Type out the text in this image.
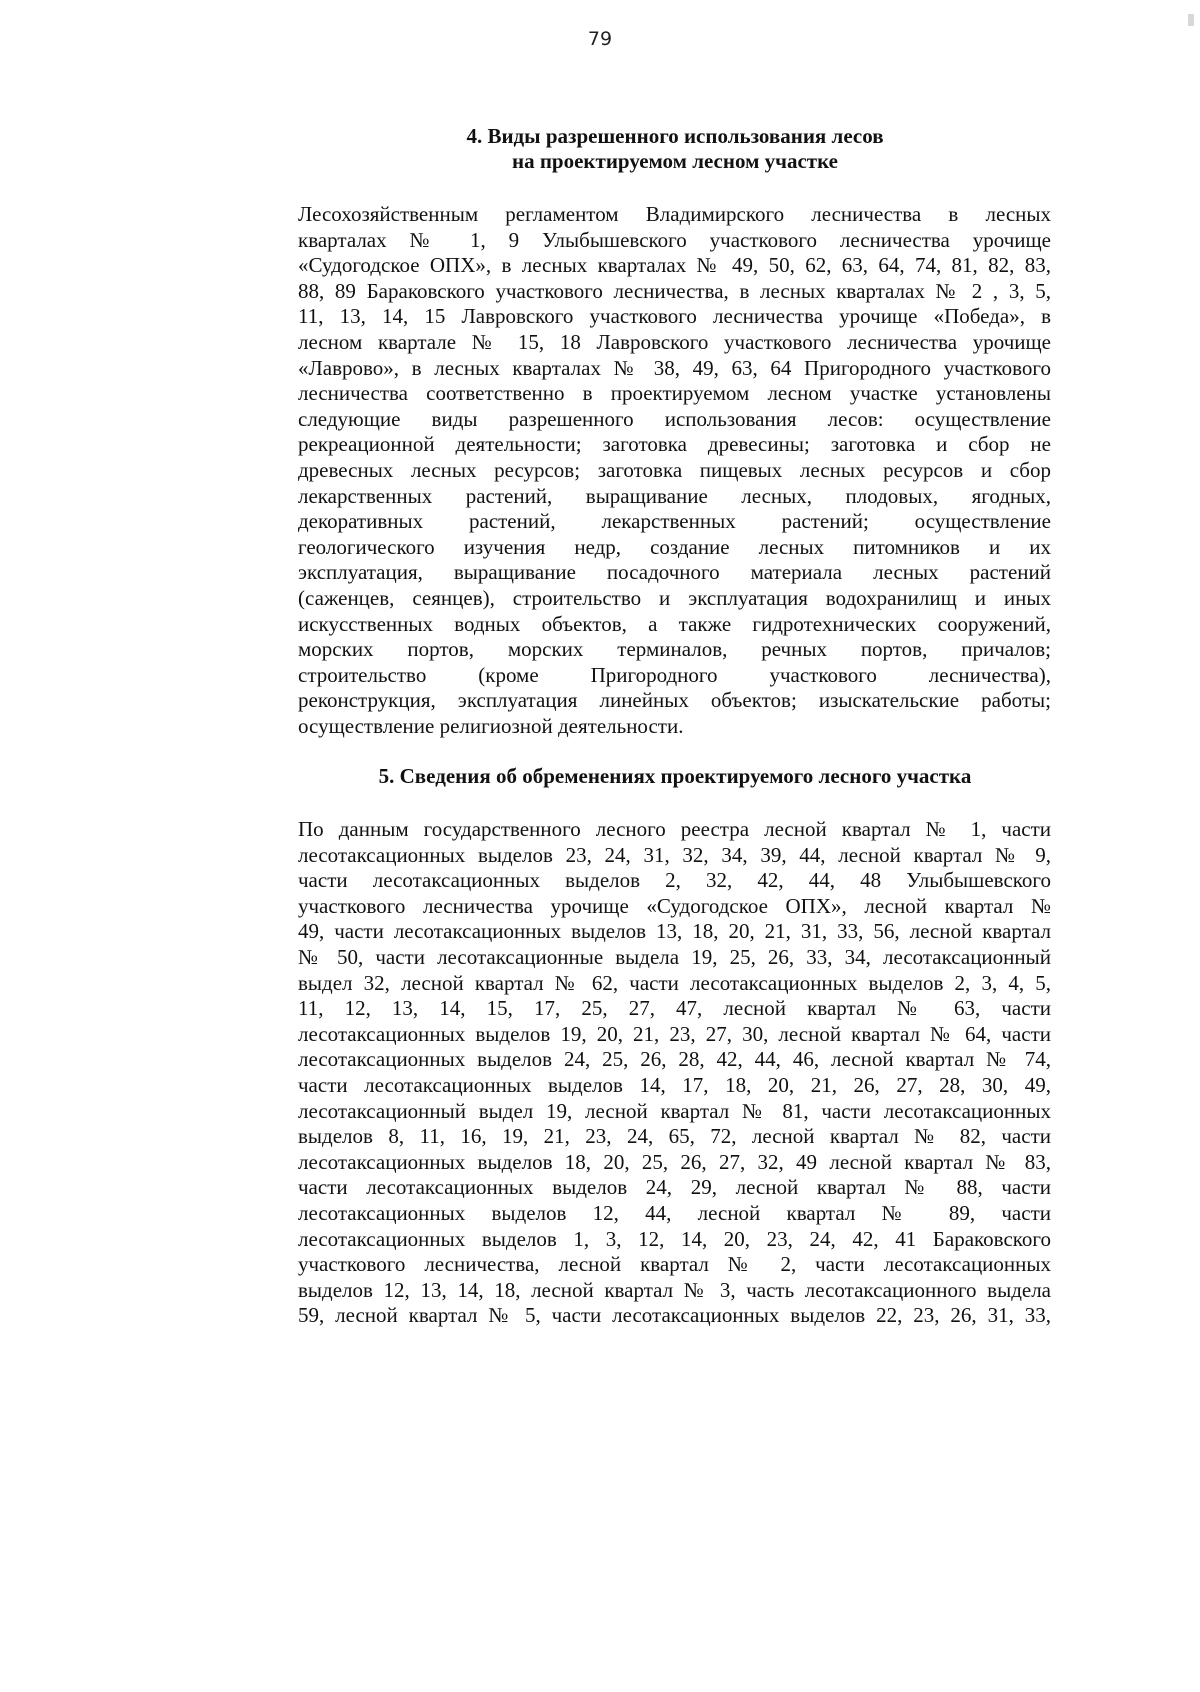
79
4. Виды разрешенного использования лесов
на проектируемом лесном участке
Лесохозяйственным регламентом Владимирского лесничества в лесных
кварталах № 1, 9 Улыбышевского участкового лесничества урочище
«Судогодское ОПХ», в лесных кварталах № 49, 50, 62, 63, 64, 74, 81, 82, 83,
88, 89 Бараковского участкового лесничества, в лесных кварталах № 2 , 3, 5,
11, 13, 14, 15 Лавровского участкового лесничества урочище «Победа», в
лесном квартале № 15, 18 Лавровского участкового лесничества урочище
«Лаврово», в лесных кварталах № 38, 49, 63, 64 Пригородного участкового
лесничества соответственно в проектируемом лесном участке установлены
следующие виды разрешенного использования лесов: осуществление
рекреационной деятельности; заготовка древесины; заготовка и сбор не
древесных лесных ресурсов; заготовка пищевых лесных ресурсов и сбор
лекарственных растений, выращивание лесных, плодовых, ягодных,
декоративных растений, лекарственных растений; осуществление
геологического изучения недр, создание лесных питомников и их
эксплуатация, выращивание посадочного материала лесных растений
(саженцев, сеянцев), строительство и эксплуатация водохранилищ и иных
искусственных водных объектов, а также гидротехнических сооружений,
морских портов, морских терминалов, речных портов, причалов;
строительство (кроме Пригородного участкового лесничества),
реконструкция, эксплуатация линейных объектов; изыскательские работы;
осуществление религиозной деятельности.
5. Сведения об обременениях проектируемого лесного участка
По данным государственного лесного реестра лесной квартал № 1, части
лесотаксационных выделов 23, 24, 31, 32, 34, 39, 44, лесной квартал № 9,
части лесотаксационных выделов 2, 32, 42, 44, 48 Улыбышевского
участкового лесничества урочище «Судогодское ОПХ», лесной квартал №
49, части лесотаксационных выделов 13, 18, 20, 21, 31, 33, 56, лесной квартал
№ 50, части лесотаксационные выдела 19, 25, 26, 33, 34, лесотаксационный
выдел 32, лесной квартал № 62, части лесотаксационных выделов 2, 3, 4, 5,
11, 12, 13, 14, 15, 17, 25, 27, 47, лесной квартал № 63, части
лесотаксационных выделов 19, 20, 21, 23, 27, 30, лесной квартал № 64, части
лесотаксационных выделов 24, 25, 26, 28, 42, 44, 46, лесной квартал № 74,
части лесотаксационных выделов 14, 17, 18, 20, 21, 26, 27, 28, 30, 49,
лесотаксационный выдел 19, лесной квартал № 81, части лесотаксационных
выделов 8, 11, 16, 19, 21, 23, 24, 65, 72, лесной квартал № 82, части
лесотаксационных выделов 18, 20, 25, 26, 27, 32, 49 лесной квартал № 83,
части лесотаксационных выделов 24, 29, лесной квартал № 88, части
лесотаксационных выделов 12, 44, лесной квартал № 89, части
лесотаксационных выделов 1, 3, 12, 14, 20, 23, 24, 42, 41 Бараковского
участкового лесничества, лесной квартал № 2, части лесотаксационных
выделов 12, 13, 14, 18, лесной квартал № 3, часть лесотаксационного выдела
59, лесной квартал № 5, части лесотаксационных выделов 22, 23, 26, 31, 33,
